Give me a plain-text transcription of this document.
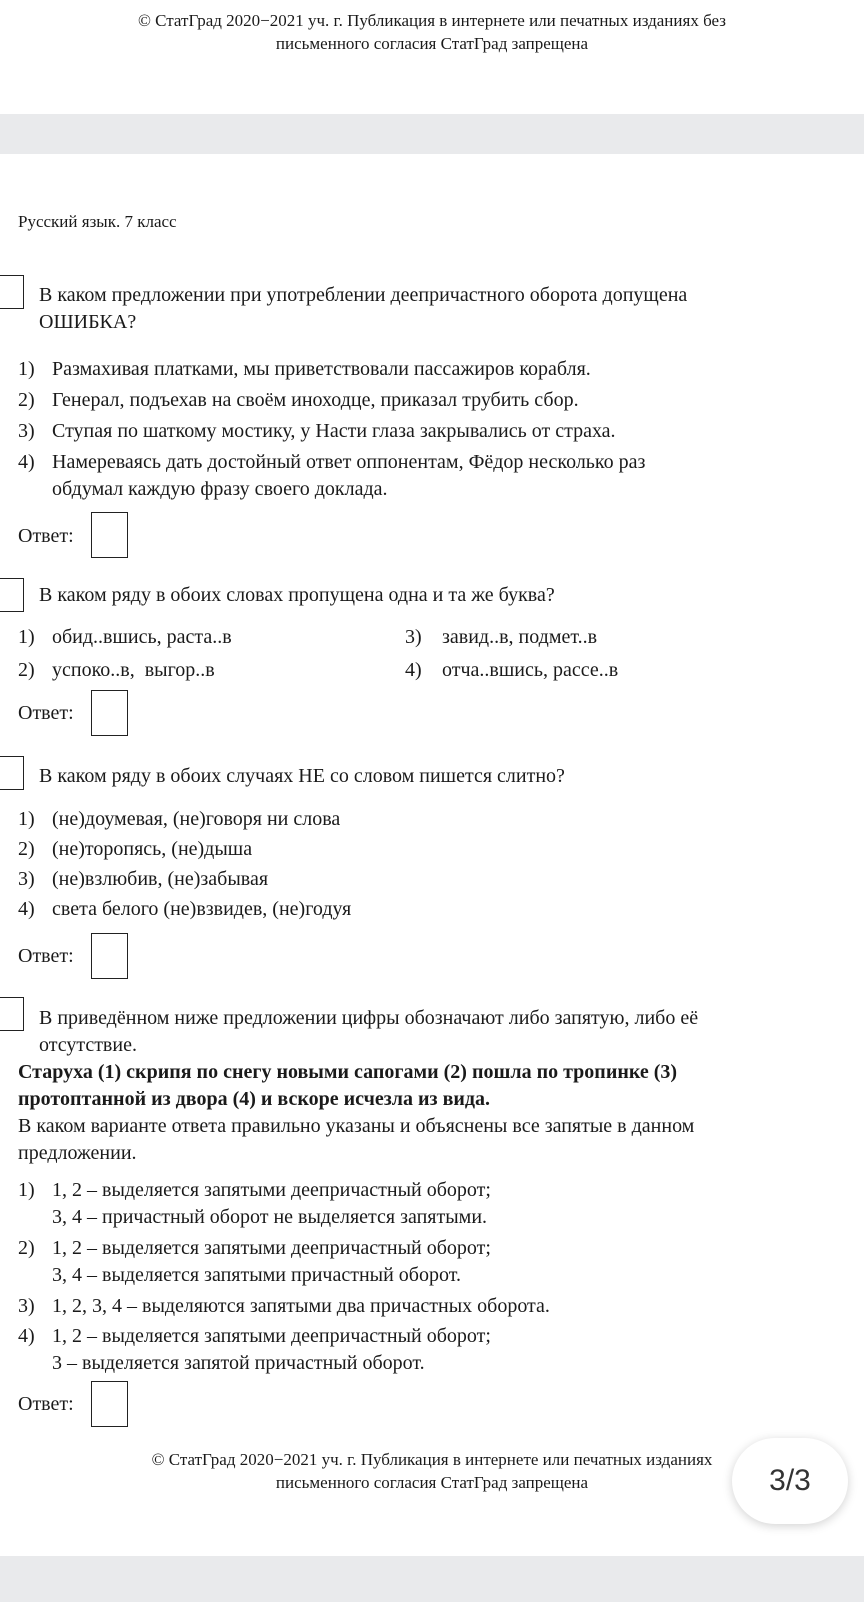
© СтатГрад 2020−2021 уч. г. Публикация в интернете или печатных изданиях без
письменного согласия СтатГрад запрещена
Русский язык. 7 класс
В каком предложении при употреблении деепричастного оборота допущена
ОШИБКА?
1) Размахивая платками, мы приветствовали пассажиров корабля.
2) Генерал, подъехав на своём иноходце, приказал трубить сбор.
3) Ступая по шаткому мостику, у Насти глаза закрывались от страха.
4) Намереваясь дать достойный ответ оппонентам, Фёдор несколько раз
обдумал каждую фразу своего доклада.
Ответ:
В каком ряду в обоих словах пропущена одна и та же буква?
1) обид..вшись, раста..в
2) успоко..в,  выгор..в
3) завид..в, подмет..в
4) отча..вшись, рассе..в
Ответ:
В каком ряду в обоих случаях НЕ со словом пишется слитно?
1) (не)доумевая, (не)говоря ни слова
2) (не)торопясь, (не)дыша
3) (не)взлюбив, (не)забывая
4) света белого (не)взвидев, (не)годуя
Ответ:
В приведённом ниже предложении цифры обозначают либо запятую, либо её
отсутствие.
Старуха (1) скрипя по снегу новыми сапогами (2) пошла по тропинке (3)
протоптанной из двора (4) и вскоре исчезла из вида.
В каком варианте ответа правильно указаны и объяснены все запятые в данном
предложении.
1) 1, 2 – выделяется запятыми деепричастный оборот;
3, 4 – причастный оборот не выделяется запятыми.
2) 1, 2 – выделяется запятыми деепричастный оборот;
3, 4 – выделяется запятыми причастный оборот.
3) 1, 2, 3, 4 – выделяются запятыми два причастных оборота.
4) 1, 2 – выделяется запятыми деепричастный оборот;
3 – выделяется запятой причастный оборот.
Ответ:
© СтатГрад 2020−2021 уч. г. Публикация в интернете или печатных изданиях
письменного согласия СтатГрад запрещена	3/3
